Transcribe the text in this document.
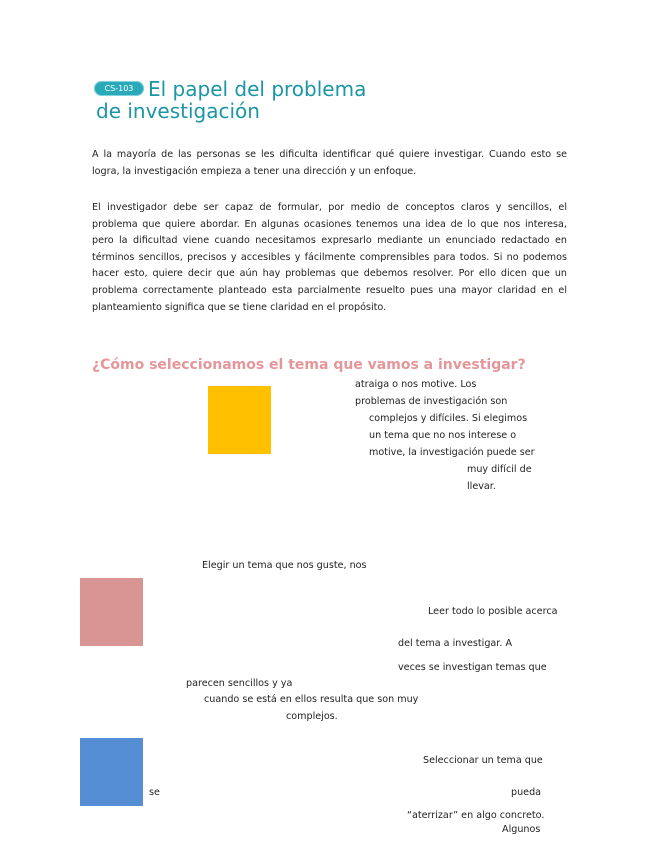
CS-103 El papel del problema
de investigación

A la mayoría de las personas se les dificulta identificar qué quiere investigar. Cuando esto se logra, la investigación empieza a tener una dirección y un enfoque.

El investigador debe ser capaz de formular, por medio de conceptos claros y sencillos, el problema que quiere abordar. En algunas ocasiones tenemos una idea de lo que nos interesa, pero la dificultad viene cuando necesitamos expresarlo mediante un enunciado redactado en términos sencillos, precisos y accesibles y fácilmente comprensibles para todos. Si no podemos hacer esto, quiere decir que aún hay problemas que debemos resolver. Por ello dicen que un problema correctamente planteado esta parcialmente resuelto pues una mayor claridad en el planteamiento significa que se tiene claridad en el propósito.

¿Cómo seleccionamos el tema que vamos a investigar?
atraiga o nos motive. Los
problemas de investigación son
complejos y difíciles. Si elegimos
un tema que no nos interese o
motive, la investigación puede ser
muy difícil de
llevar.
Elegir un tema que nos guste, nos
Leer todo lo posible acerca
del tema a investigar. A
veces se investigan temas que
parecen sencillos y ya
cuando se está en ellos resulta que son muy
complejos.
Seleccionar un tema que
se	pueda
“aterrizar” en algo concreto.
Algunos
